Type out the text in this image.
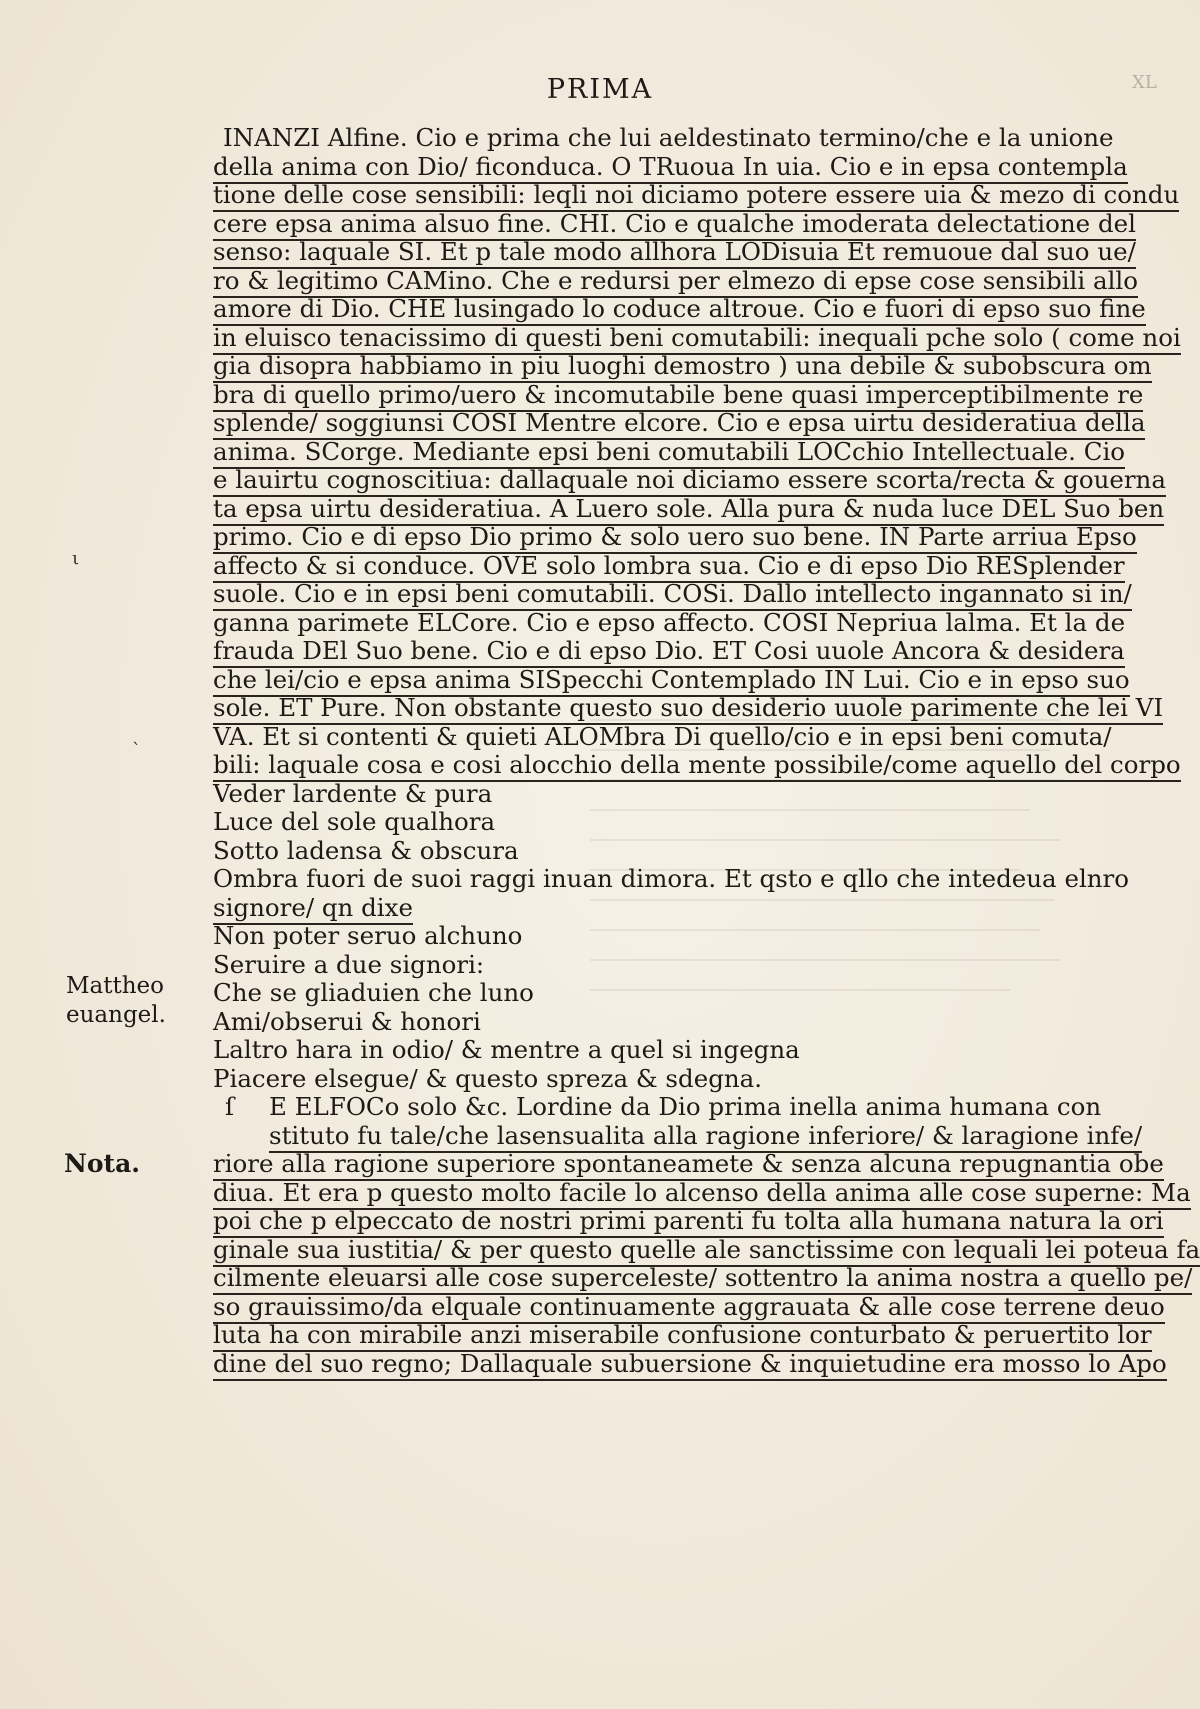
XL
PRIMA
ι
`
INANZI Alfine. Cio e prima che lui aeldestinato termino/che e la unione
della anima con Dio/ ficonduca. O TRuoua In uia. Cio e in epsa contempla
tione delle cose sensibili: leqli noi diciamo potere essere uia & mezo di condu
cere epsa anima alsuo fine. CHI. Cio e qualche imoderata delectatione del
senso: laquale SI. Et p tale modo allhora LODisuia Et remuoue dal suo ue/
ro & legitimo CAMino. Che e redursi per elmezo di epse cose sensibili allo
amore di Dio. CHE lusingado lo coduce altroue. Cio e fuori di epso suo fine
in eluisco tenacissimo di questi beni comutabili: inequali pche solo ( come noi
gia disopra habbiamo in piu luoghi demostro ) una debile & subobscura om
bra di quello primo/uero & incomutabile bene quasi imperceptibilmente re
splende/ soggiunsi COSI Mentre elcore. Cio e epsa uirtu desideratiua della
anima. SCorge. Mediante epsi beni comutabili LOCchio Intellectuale. Cio
e lauirtu cognoscitiua: dallaquale noi diciamo essere scorta/recta & gouerna
ta epsa uirtu desideratiua. A Luero sole. Alla pura & nuda luce DEL Suo ben
primo. Cio e di epso Dio primo & solo uero suo bene. IN Parte arriua Epso
affecto & si conduce. OVE solo lombra sua. Cio e di epso Dio RESplender
suole. Cio e in epsi beni comutabili. COSi. Dallo intellecto ingannato si in/
ganna parimete ELCore. Cio e epso affecto. COSI Nepriua lalma. Et la de
frauda DEl Suo bene. Cio e di epso Dio. ET Cosi uuole Ancora & desidera
che lei/cio e epsa anima SISpecchi Contemplado IN Lui. Cio e in epso suo
sole. ET Pure. Non obstante questo suo desiderio uuole parimente che lei VI
VA. Et si contenti & quieti ALOMbra Di quello/cio e in epsi beni comuta/
bili: laquale cosa e cosi alocchio della mente possibile/come aquello del corpo
Veder lardente & pura
Luce del sole qualhora
Sotto ladensa & obscura
Ombra fuori de suoi raggi inuan dimora. Et qsto e qllo che intedeua elnro
signore/ qn dixe
Non poter seruo alchuno
Seruire a due signori:
Che se gliaduien che luno
Ami/obserui & honori
Laltro hara in odio/ & mentre a quel si ingegna
Piacere elsegue/ & questo spreza & sdegna.
ſ E ELFOCo solo &c. Lordine da Dio prima inella anima humana con
stituto fu tale/che lasensualita alla ragione inferiore/ & laragione infe/
riore alla ragione superiore spontaneamete & senza alcuna repugnantia obe
diua. Et era p questo molto facile lo alcenso della anima alle cose superne: Ma
poi che p elpeccato de nostri primi parenti fu tolta alla humana natura la ori
ginale sua iustitia/ & per questo quelle ale sanctissime con lequali lei poteua fa
cilmente eleuarsi alle cose superceleste/ sottentro la anima nostra a quello pe/
so grauissimo/da elquale continuamente aggrauata & alle cose terrene deuo
luta ha con mirabile anzi miserabile confusione conturbato & peruertito lor
dine del suo regno; Dallaquale subuersione & inquietudine era mosso lo Apo
Mattheo
euangel.
Nota.
